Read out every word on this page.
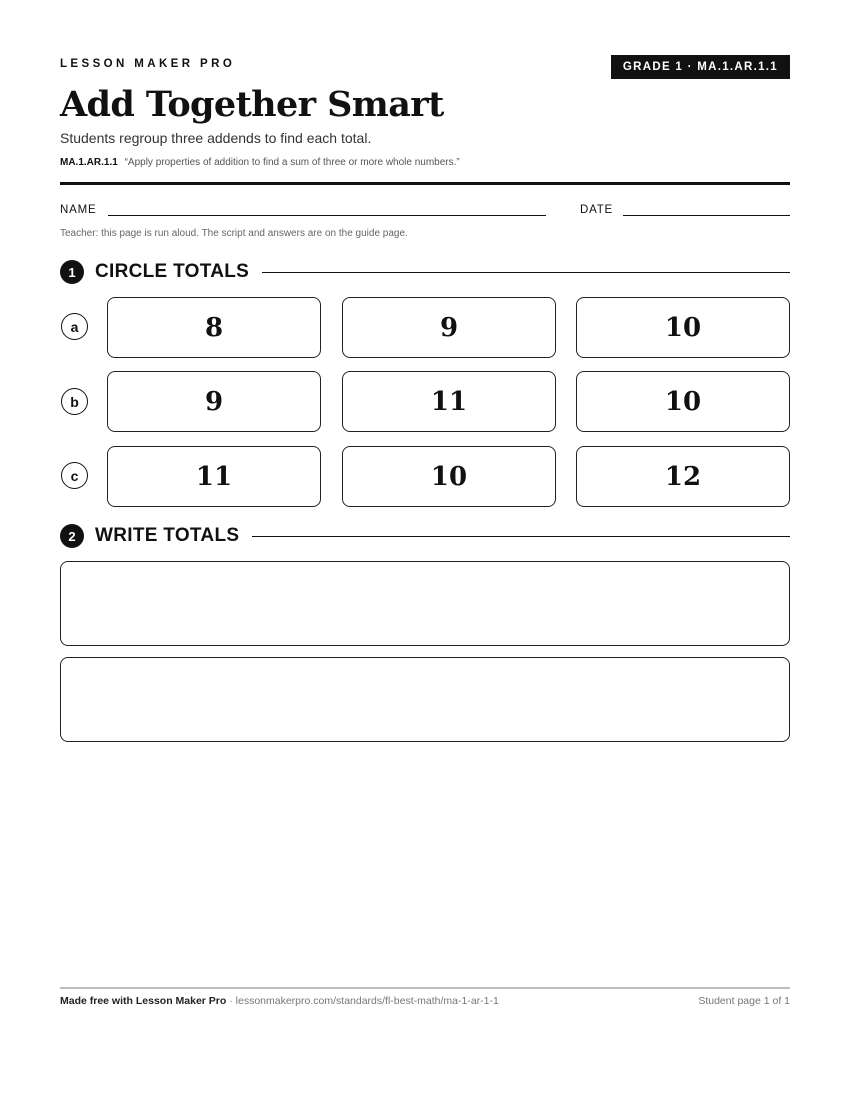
LESSON MAKER PRO	GRADE 1 · MA.1.AR.1.1
Add Together Smart
Students regroup three addends to find each total.
MA.1.AR.1.1 “Apply properties of addition to find a sum of three or more whole numbers.”
NAME	DATE
Teacher: this page is run aloud. The script and answers are on the guide page.
1	CIRCLE TOTALS
a	8	9	10
b	9	11	10
c	11	10	12
2	WRITE TOTALS
Made free with Lesson Maker Pro · lessonmakerpro.com/standards/fl-best-math/ma-1-ar-1-1	Student page 1 of 1
